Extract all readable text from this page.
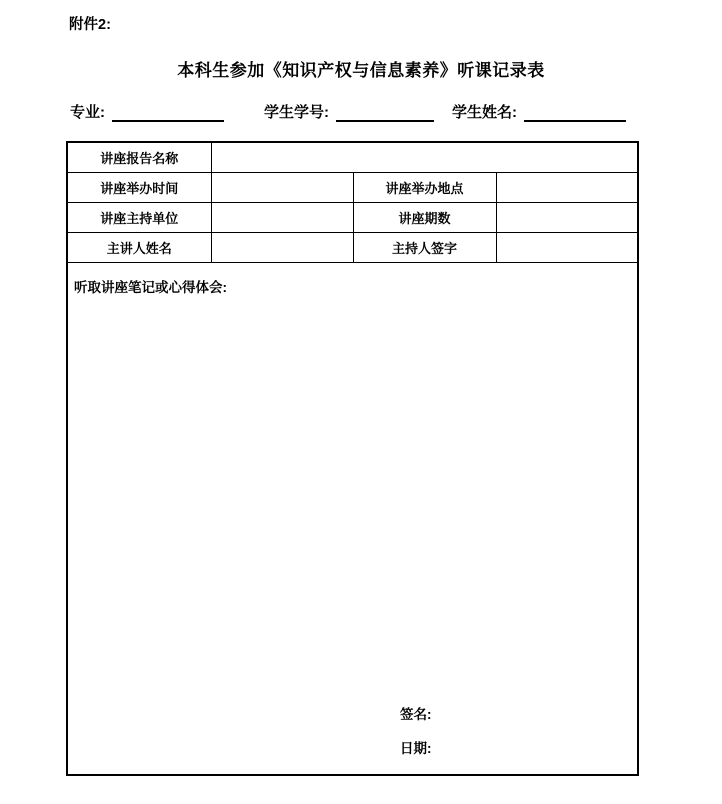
附件2:
本科生参加《知识产权与信息素养》听课记录表
专业:	学生学号:	学生姓名:
讲座报告名称			
讲座举办时间		讲座举办地点	
讲座主持单位		讲座期数	
主讲人姓名		主持人签字	

听取讲座笔记或心得体会:
签名:
日期:			
